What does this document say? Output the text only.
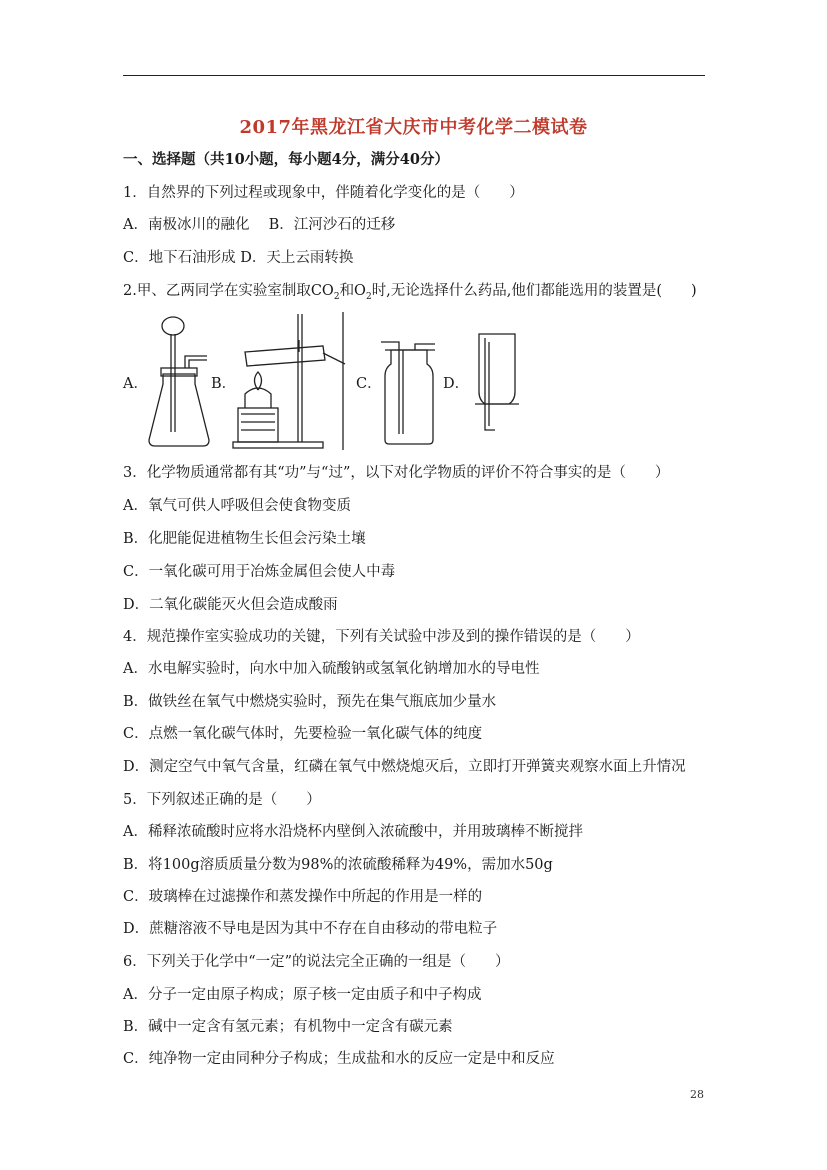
2017年黑龙江省大庆市中考化学二模试卷
一、选择题（共10小题，每小题4分，满分40分）
1．自然界的下列过程或现象中，伴随着化学变化的是（　　）
A．南极冰川的融化　 B．江河沙石的迁移
C．地下石油形成 D．天上云雨转换
2.甲、乙两同学在实验室制取$CO_2$和$O_2$时,无论选择什么药品,他们都能选用的装置是(　　)
A．	B．	C．	D．
3．化学物质通常都有其“功”与“过”，以下对化学物质的评价不符合事实的是（　　）
A．氧气可供人呼吸但会使食物变质
B．化肥能促进植物生长但会污染土壤
C．一氧化碳可用于冶炼金属但会使人中毒
D．二氧化碳能灭火但会造成酸雨
4．规范操作室实验成功的关键，下列有关试验中涉及到的操作错误的是（　　）
A．水电解实验时，向水中加入硫酸钠或氢氧化钠增加水的导电性
B．做铁丝在氧气中燃烧实验时，预先在集气瓶底加少量水
C．点燃一氧化碳气体时，先要检验一氧化碳气体的纯度
D．测定空气中氧气含量，红磷在氧气中燃烧熄灭后，立即打开弹簧夹观察水面上升情况
5．下列叙述正确的是（　　）
A．稀释浓硫酸时应将水沿烧杯内壁倒入浓硫酸中，并用玻璃棒不断搅拌
B．将100g溶质质量分数为98%的浓硫酸稀释为49%，需加水50g
C．玻璃棒在过滤操作和蒸发操作中所起的作用是一样的
D．蔗糖溶液不导电是因为其中不存在自由移动的带电粒子
6．下列关于化学中“一定”的说法完全正确的一组是（　　）
A．分子一定由原子构成；原子核一定由质子和中子构成
B．碱中一定含有氢元素；有机物中一定含有碳元素
C．纯净物一定由同种分子构成；生成盐和水的反应一定是中和反应
28
